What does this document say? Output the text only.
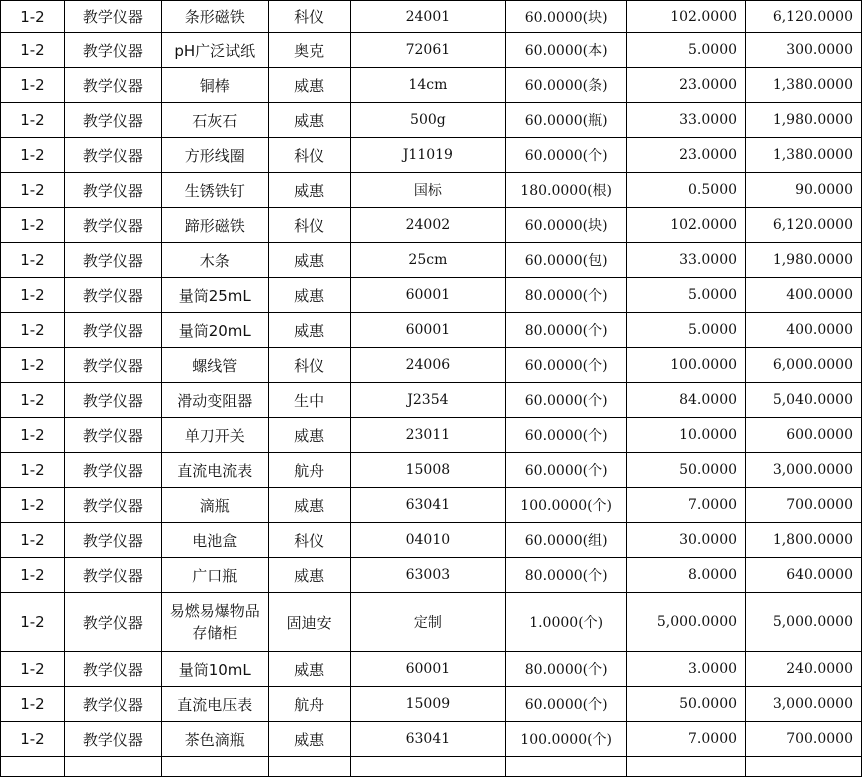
1-2	教学仪器	条形磁铁	科仪	24001	60.0000(块)	102.0000	6,120.0000
1-2	教学仪器	pH广泛试纸	奥克	72061	60.0000(本)	5.0000	300.0000
1-2	教学仪器	铜棒	威惠	14cm	60.0000(条)	23.0000	1,380.0000
1-2	教学仪器	石灰石	威惠	500g	60.0000(瓶)	33.0000	1,980.0000
1-2	教学仪器	方形线圈	科仪	J11019	60.0000(个)	23.0000	1,380.0000
1-2	教学仪器	生锈铁钉	威惠	国标	180.0000(根)	0.5000	90.0000
1-2	教学仪器	蹄形磁铁	科仪	24002	60.0000(块)	102.0000	6,120.0000
1-2	教学仪器	木条	威惠	25cm	60.0000(包)	33.0000	1,980.0000
1-2	教学仪器	量筒25mL	威惠	60001	80.0000(个)	5.0000	400.0000
1-2	教学仪器	量筒20mL	威惠	60001	80.0000(个)	5.0000	400.0000
1-2	教学仪器	螺线管	科仪	24006	60.0000(个)	100.0000	6,000.0000
1-2	教学仪器	滑动变阻器	生中	J2354	60.0000(个)	84.0000	5,040.0000
1-2	教学仪器	单刀开关	威惠	23011	60.0000(个)	10.0000	600.0000
1-2	教学仪器	直流电流表	航舟	15008	60.0000(个)	50.0000	3,000.0000
1-2	教学仪器	滴瓶	威惠	63041	100.0000(个)	7.0000	700.0000
1-2	教学仪器	电池盒	科仪	04010	60.0000(组)	30.0000	1,800.0000
1-2	教学仪器	广口瓶	威惠	63003	80.0000(个)	8.0000	640.0000
1-2	教学仪器	易燃易爆物品存储柜	固迪安	定制	1.0000(个)	5,000.0000	5,000.0000
1-2	教学仪器	量筒10mL	威惠	60001	80.0000(个)	3.0000	240.0000
1-2	教学仪器	直流电压表	航舟	15009	60.0000(个)	50.0000	3,000.0000
1-2	教学仪器	茶色滴瓶	威惠	63041	100.0000(个)	7.0000	700.0000
